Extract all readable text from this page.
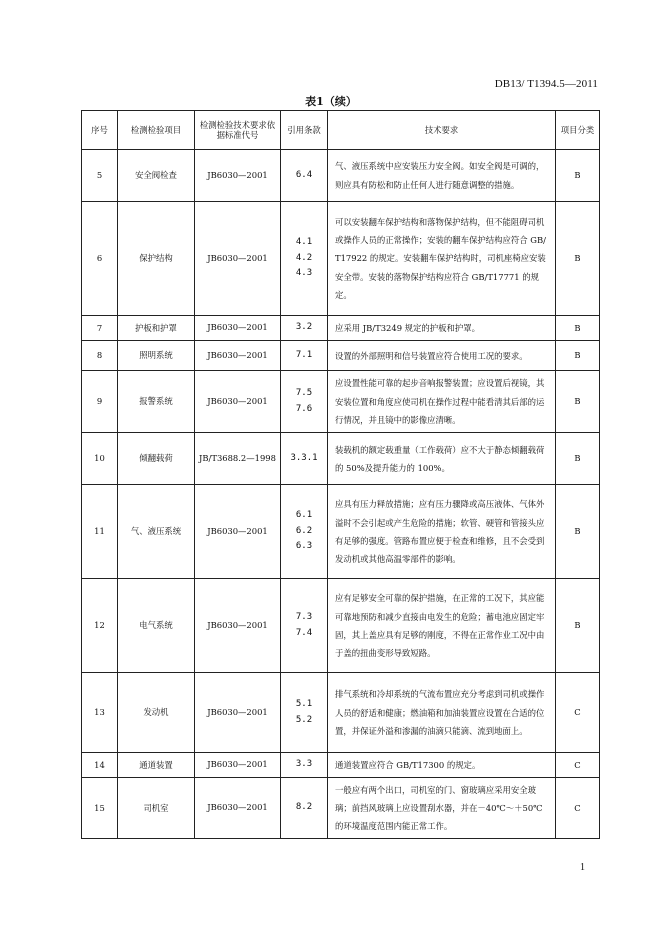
DB13/ T1394.5—2011
表1（续）
序号	检测检验项目	检测检验技术要求依据标准代号	引用条款	技术要求	项目分类
5	安全阀检查	JB6030—2001	6.4	气、液压系统中应安装压力安全阀。如安全阀是可调的，则应具有防松和防止任何人进行随意调整的措施。	B
6	保护结构	JB6030—2001	4.1
4.2
4.3	可以安装翻车保护结构和落物保护结构，但不能阻碍司机或操作人员的正常操作；安装的翻车保护结构应符合 GB/T17922 的规定。安装翻车保护结构时，司机座椅应安装安全带。安装的落物保护结构应符合 GB/T17771 的规定。	B
7	护板和护罩	JB6030—2001	3.2	应采用 JB/T3249 规定的护板和护罩。	B
8	照明系统	JB6030—2001	7.1	设置的外部照明和信号装置应符合使用工况的要求。	B
9	报警系统	JB6030—2001	7.5
7.6	应设置性能可靠的起步音响报警装置；应设置后视镜，其安装位置和角度应使司机在操作过程中能看清其后部的运行情况，并且镜中的影像应清晰。	B
10	倾翻载荷	JB/T3688.2—1998	3.3.1	装载机的额定载重量（工作载荷）应不大于静态倾翻载荷的 50%及提升能力的 100%。	B
11	气、液压系统	JB6030—2001	6.1
6.2
6.3	应具有压力释放措施；应有压力骤降或高压液体、气体外溢时不会引起或产生危险的措施；软管、硬管和管接头应有足够的强度。管路布置应便于检查和维修，且不会受到发动机或其他高温零部件的影响。	B
12	电气系统	JB6030—2001	7.3
7.4	应有足够安全可靠的保护措施，在正常的工况下，其应能可靠地预防和减少直接由电发生的危险；蓄电池应固定牢固，其上盖应具有足够的刚度，不得在正常作业工况中由于盖的扭曲变形导致短路。	B
13	发动机	JB6030—2001	5.1
5.2	排气系统和冷却系统的气流布置应充分考虑到司机或操作人员的舒适和健康；燃油箱和加油装置应设置在合适的位置，并保证外溢和渗漏的油滴只能滴、流到地面上。	C
14	通道装置	JB6030—2001	3.3	通道装置应符合 GB/T17300 的规定。	C
15	司机室	JB6030—2001	8.2	一般应有两个出口，司机室的门、窗玻璃应采用安全玻璃；前挡风玻璃上应设置刮水器，并在－40℃～＋50℃的环境温度范围内能正常工作。	C
1
